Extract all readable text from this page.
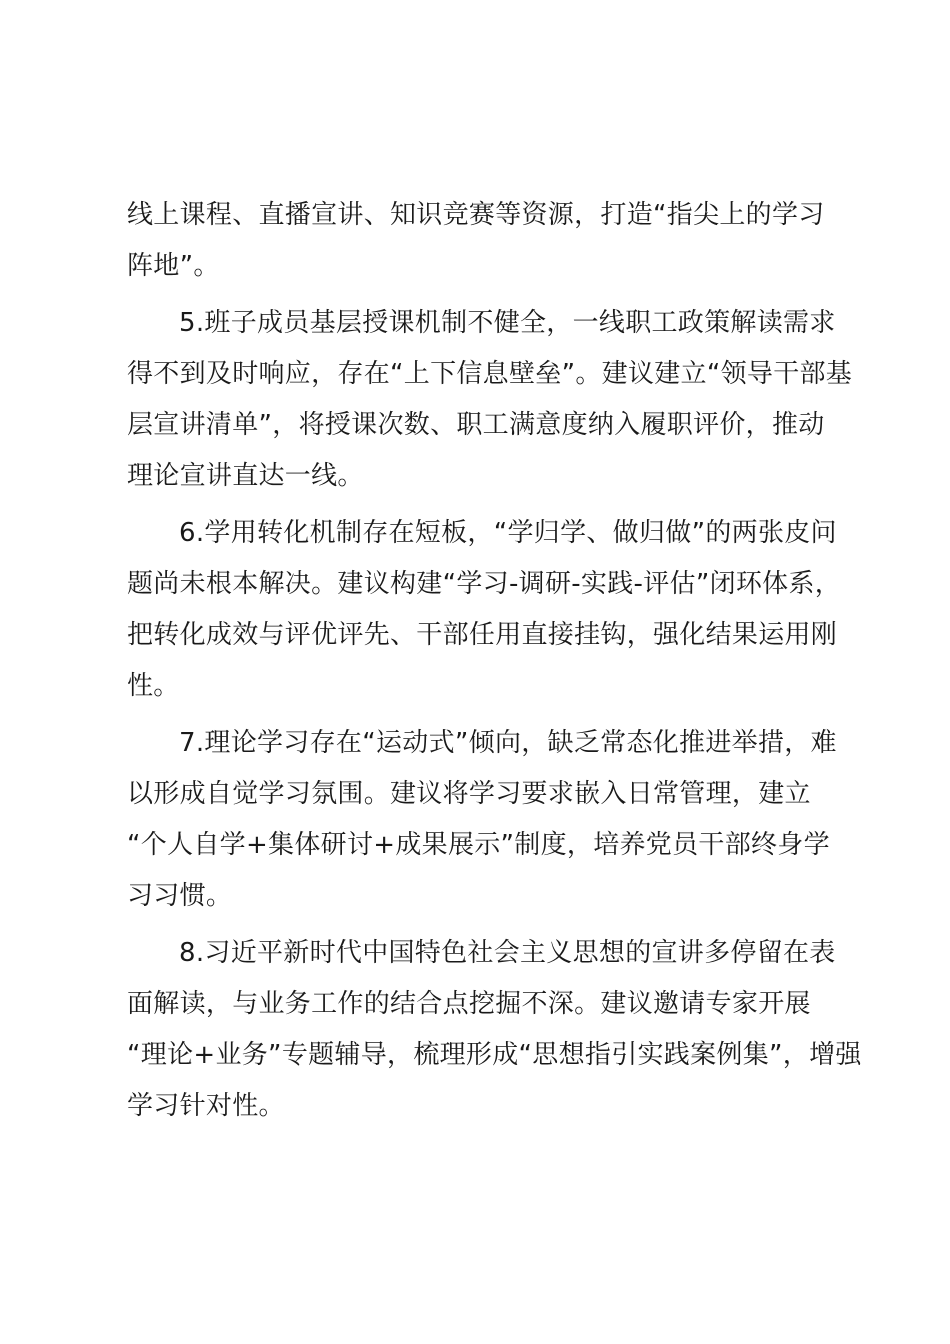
线上课程、直播宣讲、知识竞赛等资源，打造“指尖上的学习
阵地”。
5.班子成员基层授课机制不健全，一线职工政策解读需求
得不到及时响应，存在“上下信息壁垒”。建议建立“领导干部基
层宣讲清单”，将授课次数、职工满意度纳入履职评价，推动
理论宣讲直达一线。
6.学用转化机制存在短板，“学归学、做归做”的两张皮问
题尚未根本解决。建议构建“学习-调研-实践-评估”闭环体系，
把转化成效与评优评先、干部任用直接挂钩，强化结果运用刚
性。
7.理论学习存在“运动式”倾向，缺乏常态化推进举措，难
以形成自觉学习氛围。建议将学习要求嵌入日常管理，建立
“个人自学+集体研讨+成果展示”制度，培养党员干部终身学
习习惯。
8.习近平新时代中国特色社会主义思想的宣讲多停留在表
面解读，与业务工作的结合点挖掘不深。建议邀请专家开展
“理论+业务”专题辅导，梳理形成“思想指引实践案例集”，增强
学习针对性。
